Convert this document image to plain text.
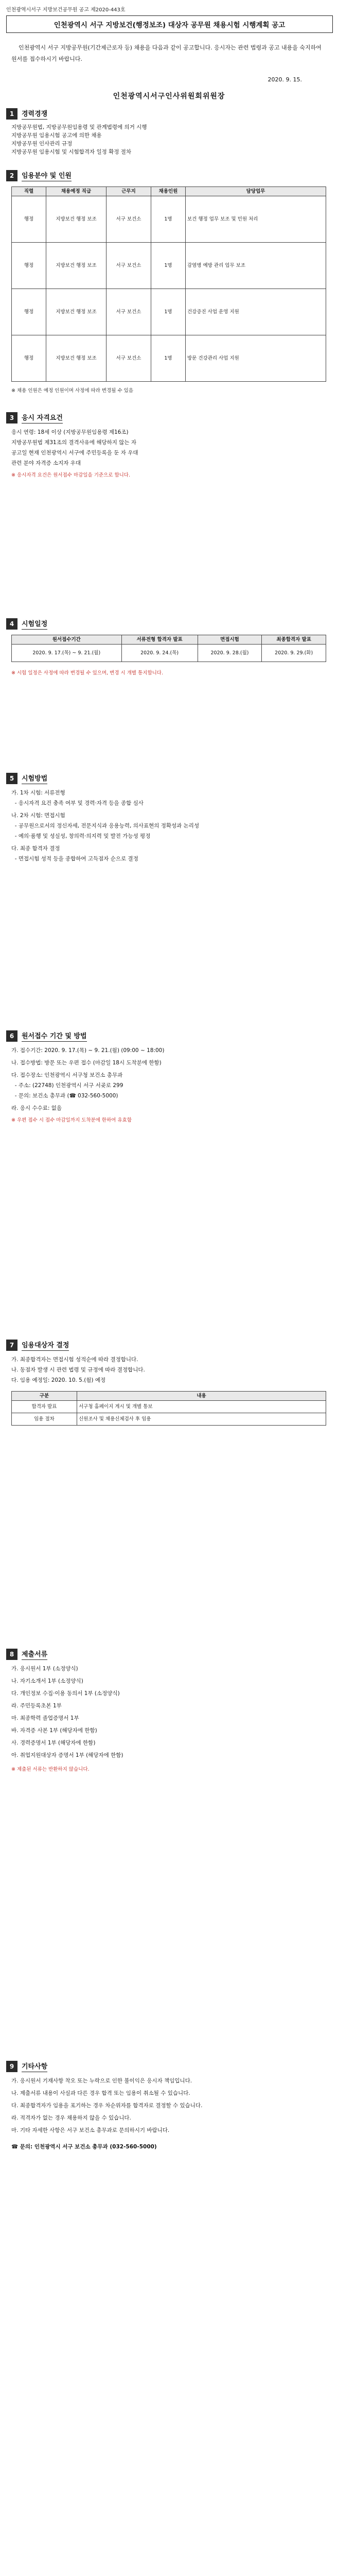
인천광역시서구 지방보건공무원 공고 제2020-443호
인천광역시 서구 지방보건(행정보조) 대상자 공무원 채용시험 시행계획 공고
인천광역시 서구 지방공무원(기간제근로자 등) 채용을 다음과 같이 공고합니다. 응시자는 관련 법령과 공고 내용을 숙지하여 원서를 접수하시기 바랍니다.
2020. 9. 15.
인천광역시서구인사위원회위원장
1	경력경쟁
지방공무원법, 지방공무원임용령 및 관계법령에 의거 시행
지방공무원 임용시험 공고에 의한 채용
지방공무원 인사관리 규정
지방공무원 임용시험 및 시험합격자 일정 확정 절차
2	임용분야 및 인원
직렬	채용예정 직급	근무지	채용인원	담당업무
행정	지방보건 행정 보조	서구 보건소	1명	보건 행정 업무 보조 및 민원 처리
행정	지방보건 행정 보조	서구 보건소	1명	감염병 예방 관리 업무 보조
행정	지방보건 행정 보조	서구 보건소	1명	건강증진 사업 운영 지원
행정	지방보건 행정 보조	서구 보건소	1명	방문 건강관리 사업 지원
※ 채용 인원은 예정 인원이며 사정에 따라 변경될 수 있음
3	응시 자격요건
응시 연령: 18세 이상 (지방공무원임용령 제16조)
지방공무원법 제31조의 결격사유에 해당하지 않는 자
공고일 현재 인천광역시 서구에 주민등록을 둔 자 우대
관련 분야 자격증 소지자 우대
※ 응시자격 요건은 원서접수 마감일을 기준으로 합니다.
4	시험일정
원서접수기간	서류전형 합격자 발표	면접시험	최종합격자 발표
2020. 9. 17.(목) ~ 9. 21.(월)	2020. 9. 24.(목)	2020. 9. 28.(월)	2020. 9. 29.(화)
※ 시험 일정은 사정에 따라 변경될 수 있으며, 변경 시 개별 통지합니다.
5	시험방법
가. 1차 시험: 서류전형
- 응시자격 요건 충족 여부 및 경력·자격 등을 종합 심사
나. 2차 시험: 면접시험
- 공무원으로서의 정신자세, 전문지식과 응용능력, 의사표현의 정확성과 논리성
- 예의·품행 및 성실성, 창의력·의지력 및 발전 가능성 평정
다. 최종 합격자 결정
- 면접시험 성적 등을 종합하여 고득점자 순으로 결정
6	원서접수 기간 및 방법
가. 접수기간: 2020. 9. 17.(목) ~ 9. 21.(월) (09:00 ~ 18:00)
나. 접수방법: 방문 또는 우편 접수 (마감일 18시 도착분에 한함)
다. 접수장소: 인천광역시 서구청 보건소 총무과
- 주소: (22748) 인천광역시 서구 서곶로 299
- 문의: 보건소 총무과 (☎ 032-560-5000)
라. 응시 수수료: 없음
※ 우편 접수 시 접수 마감일까지 도착분에 한하여 유효함
7	임용대상자 결정
가. 최종합격자는 면접시험 성적순에 따라 결정합니다.
나. 동점자 발생 시 관련 법령 및 규정에 따라 결정합니다.
다. 임용 예정일: 2020. 10. 5.(월) 예정
구분	내용
합격자 발표	서구청 홈페이지 게시 및 개별 통보
임용 절차	신원조사 및 채용신체검사 후 임용
8	제출서류
가. 응시원서 1부 (소정양식)
나. 자기소개서 1부 (소정양식)
다. 개인정보 수집·이용 동의서 1부 (소정양식)
라. 주민등록초본 1부
마. 최종학력 졸업증명서 1부
바. 자격증 사본 1부 (해당자에 한함)
사. 경력증명서 1부 (해당자에 한함)
아. 취업지원대상자 증명서 1부 (해당자에 한함)
※ 제출된 서류는 반환하지 않습니다.
9	기타사항
가. 응시원서 기재사항 착오 또는 누락으로 인한 불이익은 응시자 책임입니다.
나. 제출서류 내용이 사실과 다른 경우 합격 또는 임용이 취소될 수 있습니다.
다. 최종합격자가 임용을 포기하는 경우 차순위자를 합격자로 결정할 수 있습니다.
라. 적격자가 없는 경우 채용하지 않을 수 있습니다.
마. 기타 자세한 사항은 서구 보건소 총무과로 문의하시기 바랍니다.
☎ 문의: 인천광역시 서구 보건소 총무과 (032-560-5000)
